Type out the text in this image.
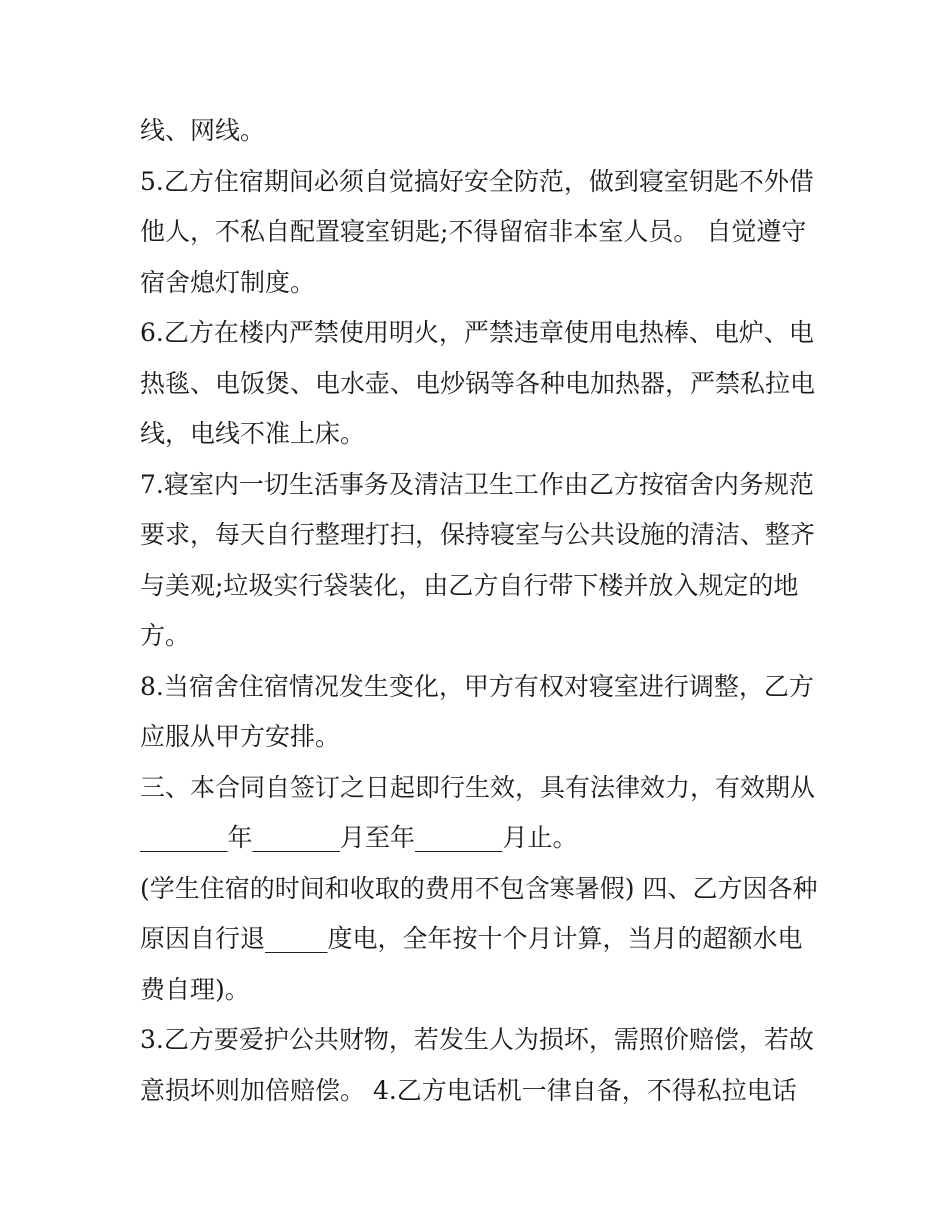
线、网线。
5.乙方住宿期间必须自觉搞好安全防范，做到寝室钥匙不外借
他人，不私自配置寝室钥匙;不得留宿非本室人员。 自觉遵守
宿舍熄灯制度。
6.乙方在楼内严禁使用明火，严禁违章使用电热棒、电炉、电
热毯、电饭煲、电水壶、电炒锅等各种电加热器，严禁私拉电
线，电线不准上床。
7.寝室内一切生活事务及清洁卫生工作由乙方按宿舍内务规范
要求，每天自行整理打扫，保持寝室与公共设施的清洁、整齐
与美观;垃圾实行袋装化，由乙方自行带下楼并放入规定的地
方。
8.当宿舍住宿情况发生变化，甲方有权对寝室进行调整，乙方
应服从甲方安排。
三、本合同自签订之日起即行生效，具有法律效力，有效期从
_______年_______月至年_______月止。
(学生住宿的时间和收取的费用不包含寒暑假) 四、乙方因各种
原因自行退_____度电，全年按十个月计算，当月的超额水电
费自理)。
3.乙方要爱护公共财物，若发生人为损坏，需照价赔偿，若故
意损坏则加倍赔偿。 4.乙方电话机一律自备，不得私拉电话
